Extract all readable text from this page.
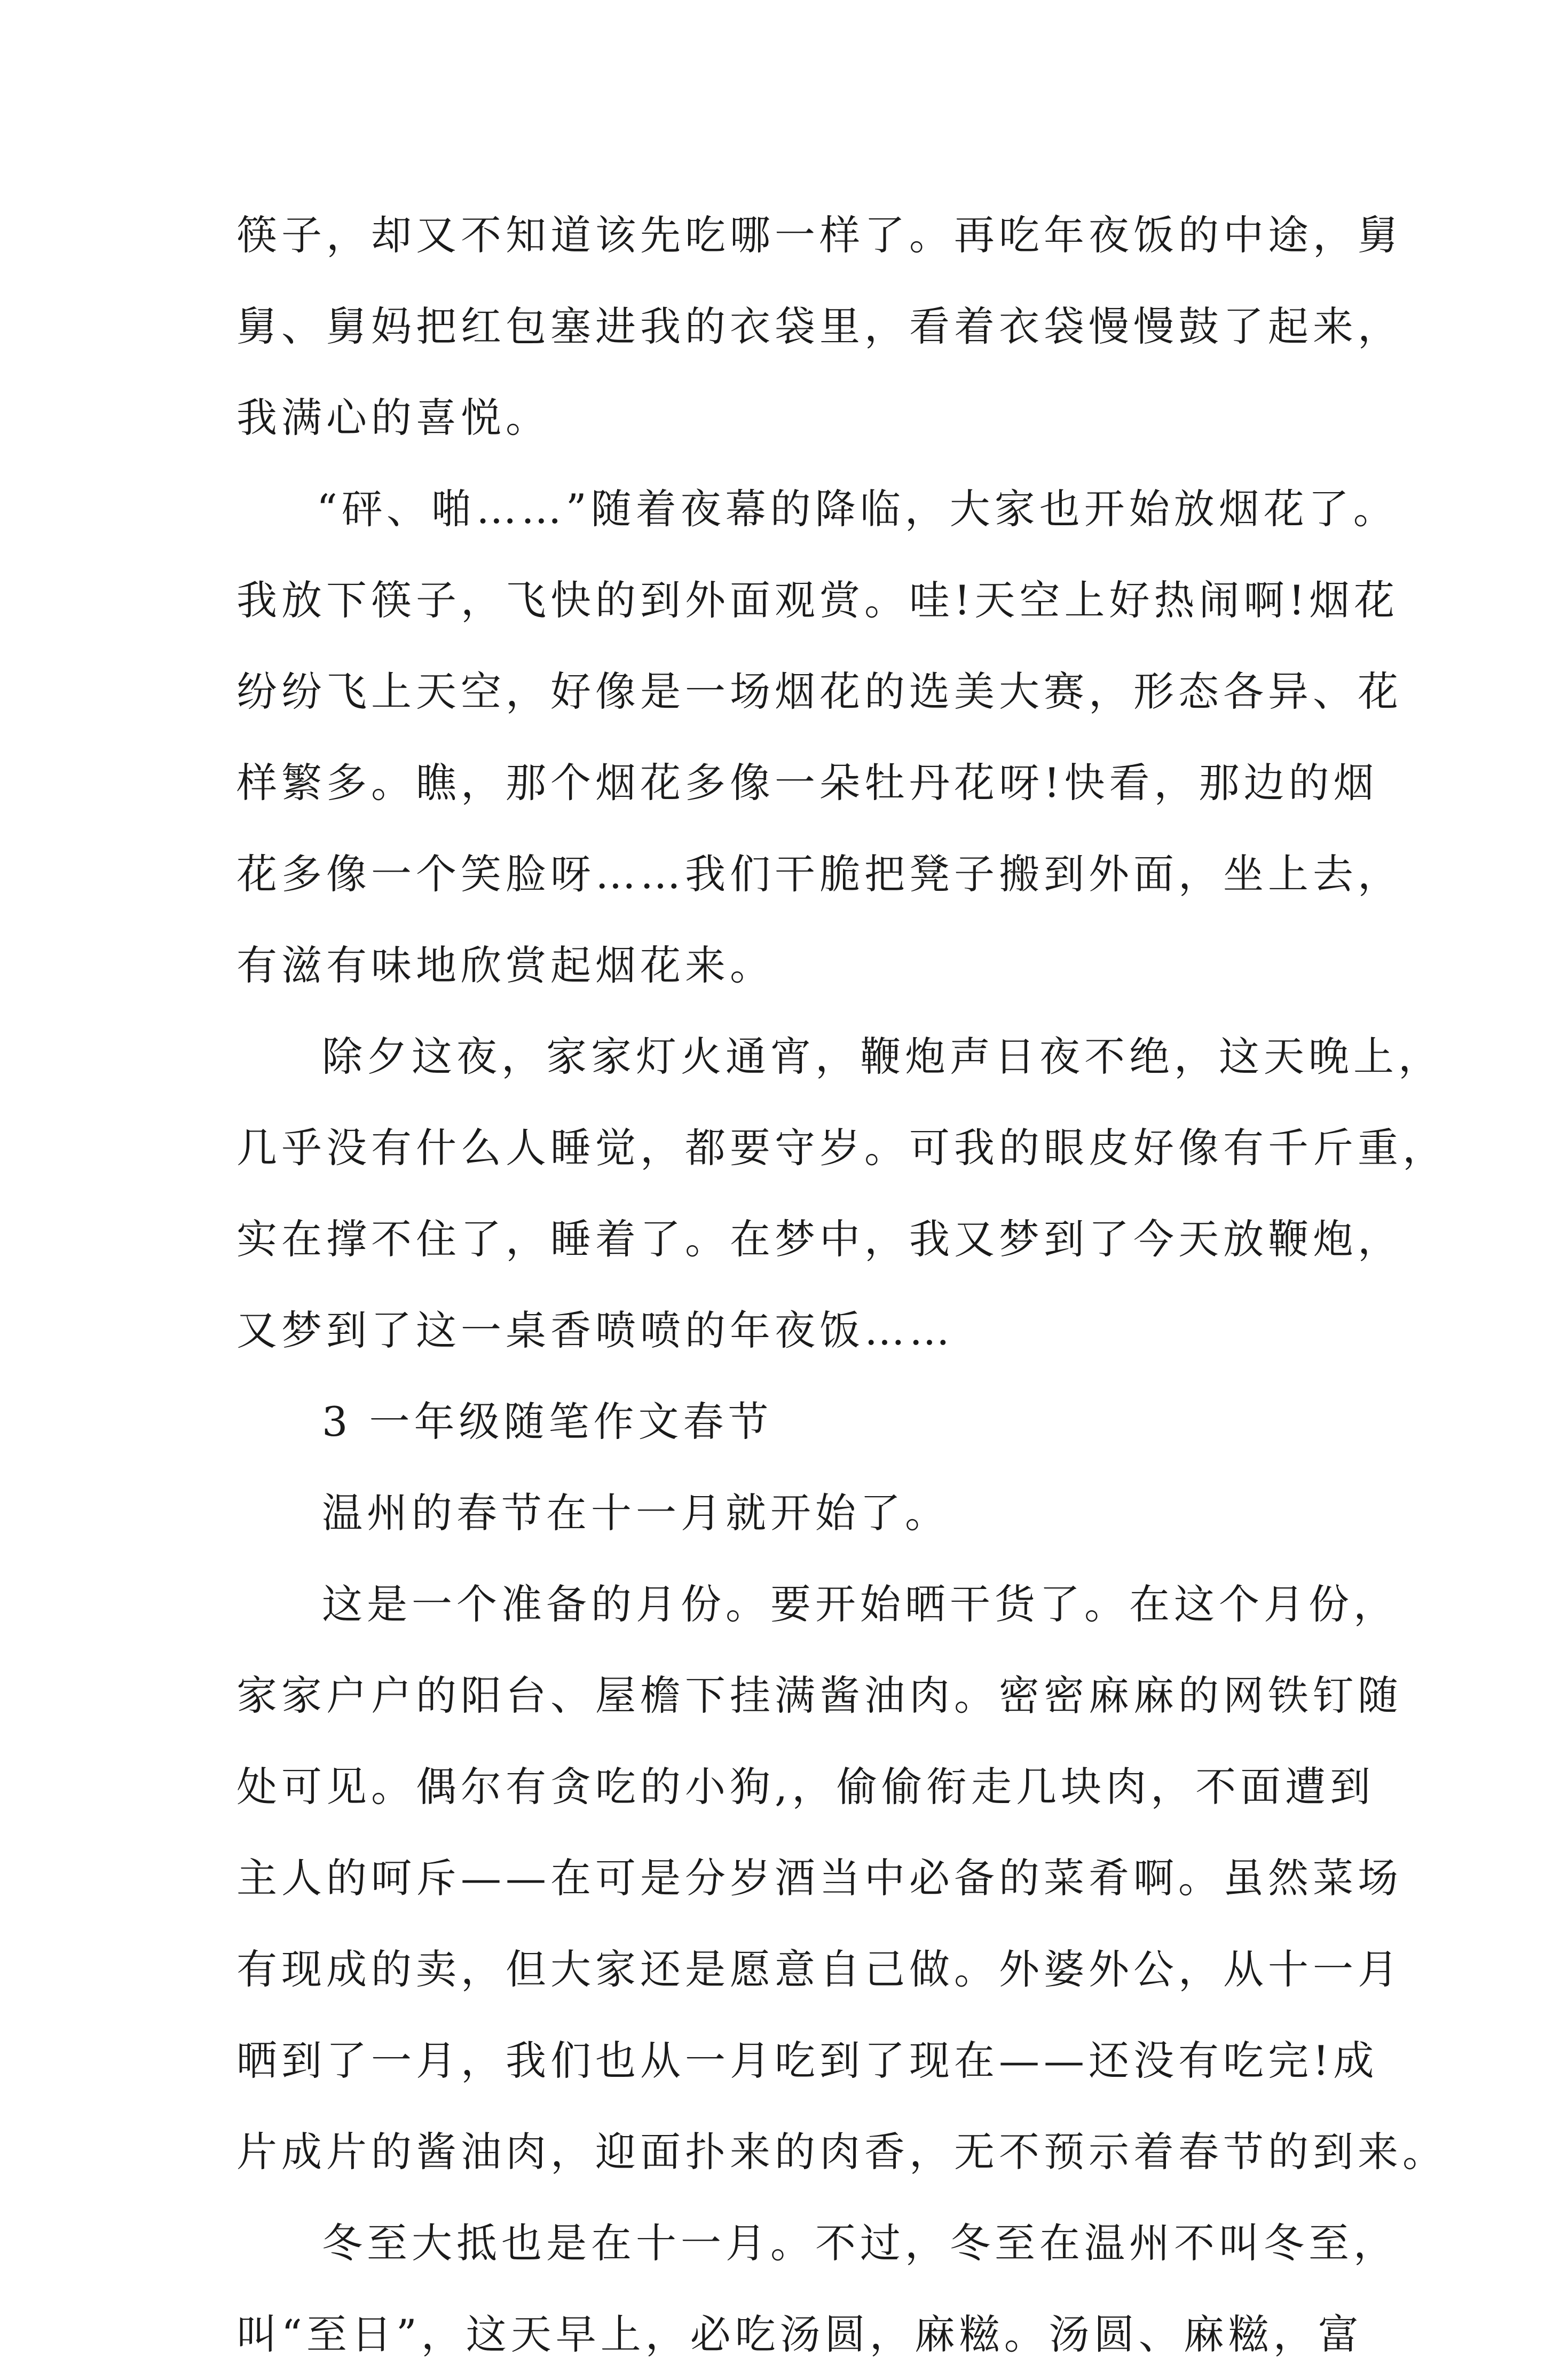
筷子，却又不知道该先吃哪一样了。再吃年夜饭的中途，舅
舅、舅妈把红包塞进我的衣袋里，看着衣袋慢慢鼓了起来，
我满心的喜悦。
“砰、啪……”随着夜幕的降临，大家也开始放烟花了。
我放下筷子，飞快的到外面观赏。哇!天空上好热闹啊!烟花
纷纷飞上天空，好像是一场烟花的选美大赛，形态各异、花
样繁多。瞧，那个烟花多像一朵牡丹花呀!快看，那边的烟
花多像一个笑脸呀……我们干脆把凳子搬到外面，坐上去，
有滋有味地欣赏起烟花来。
除夕这夜，家家灯火通宵，鞭炮声日夜不绝，这天晚上，
几乎没有什么人睡觉，都要守岁。可我的眼皮好像有千斤重，
实在撑不住了，睡着了。在梦中，我又梦到了今天放鞭炮，
又梦到了这一桌香喷喷的年夜饭……
3 一年级随笔作文春节
温州的春节在十一月就开始了。
这是一个准备的月份。要开始晒干货了。在这个月份，
家家户户的阳台、屋檐下挂满酱油肉。密密麻麻的网铁钉随
处可见。偶尔有贪吃的小狗,，偷偷衔走几块肉，不面遭到
主人的呵斥——在可是分岁酒当中必备的菜肴啊。虽然菜场
有现成的卖，但大家还是愿意自己做。外婆外公，从十一月
晒到了一月，我们也从一月吃到了现在——还没有吃完!成
片成片的酱油肉，迎面扑来的肉香，无不预示着春节的到来。
冬至大抵也是在十一月。不过，冬至在温州不叫冬至，
叫“至日”，这天早上，必吃汤圆，麻糍。汤圆、麻糍，富
